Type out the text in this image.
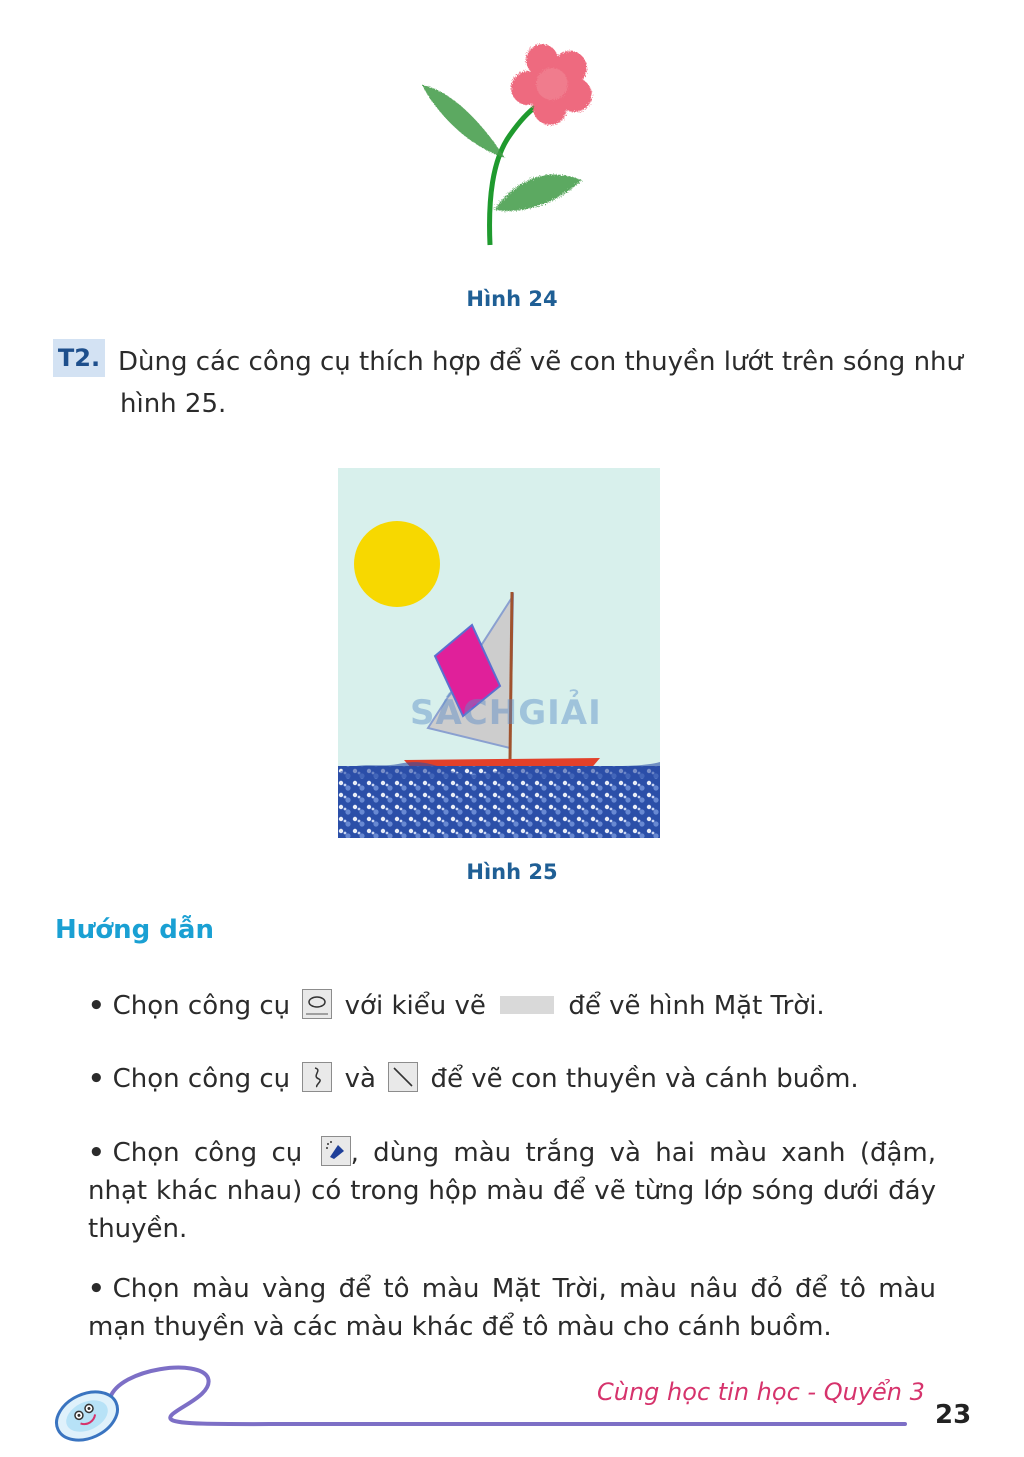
Hình 24
T2. Dùng các công cụ thích hợp để vẽ con thuyền lướt trên sóng như
hình 25.
SÁCHGIẢI
Hình 25
Hướng dẫn
• Chọn công cụ với kiểu vẽ	để vẽ hình Mặt Trời.
• Chọn công cụ và để vẽ con thuyền và cánh buồm.
• Chọn công cụ , dùng màu trắng và hai màu xanh (đậm, nhạt khác nhau) có trong hộp màu để vẽ từng lớp sóng dưới đáy thuyền.
• Chọn màu vàng để tô màu Mặt Trời, màu nâu đỏ để tô màu mạn thuyền và các màu khác để tô màu cho cánh buồm.
Cùng học tin học - Quyển 3
23
